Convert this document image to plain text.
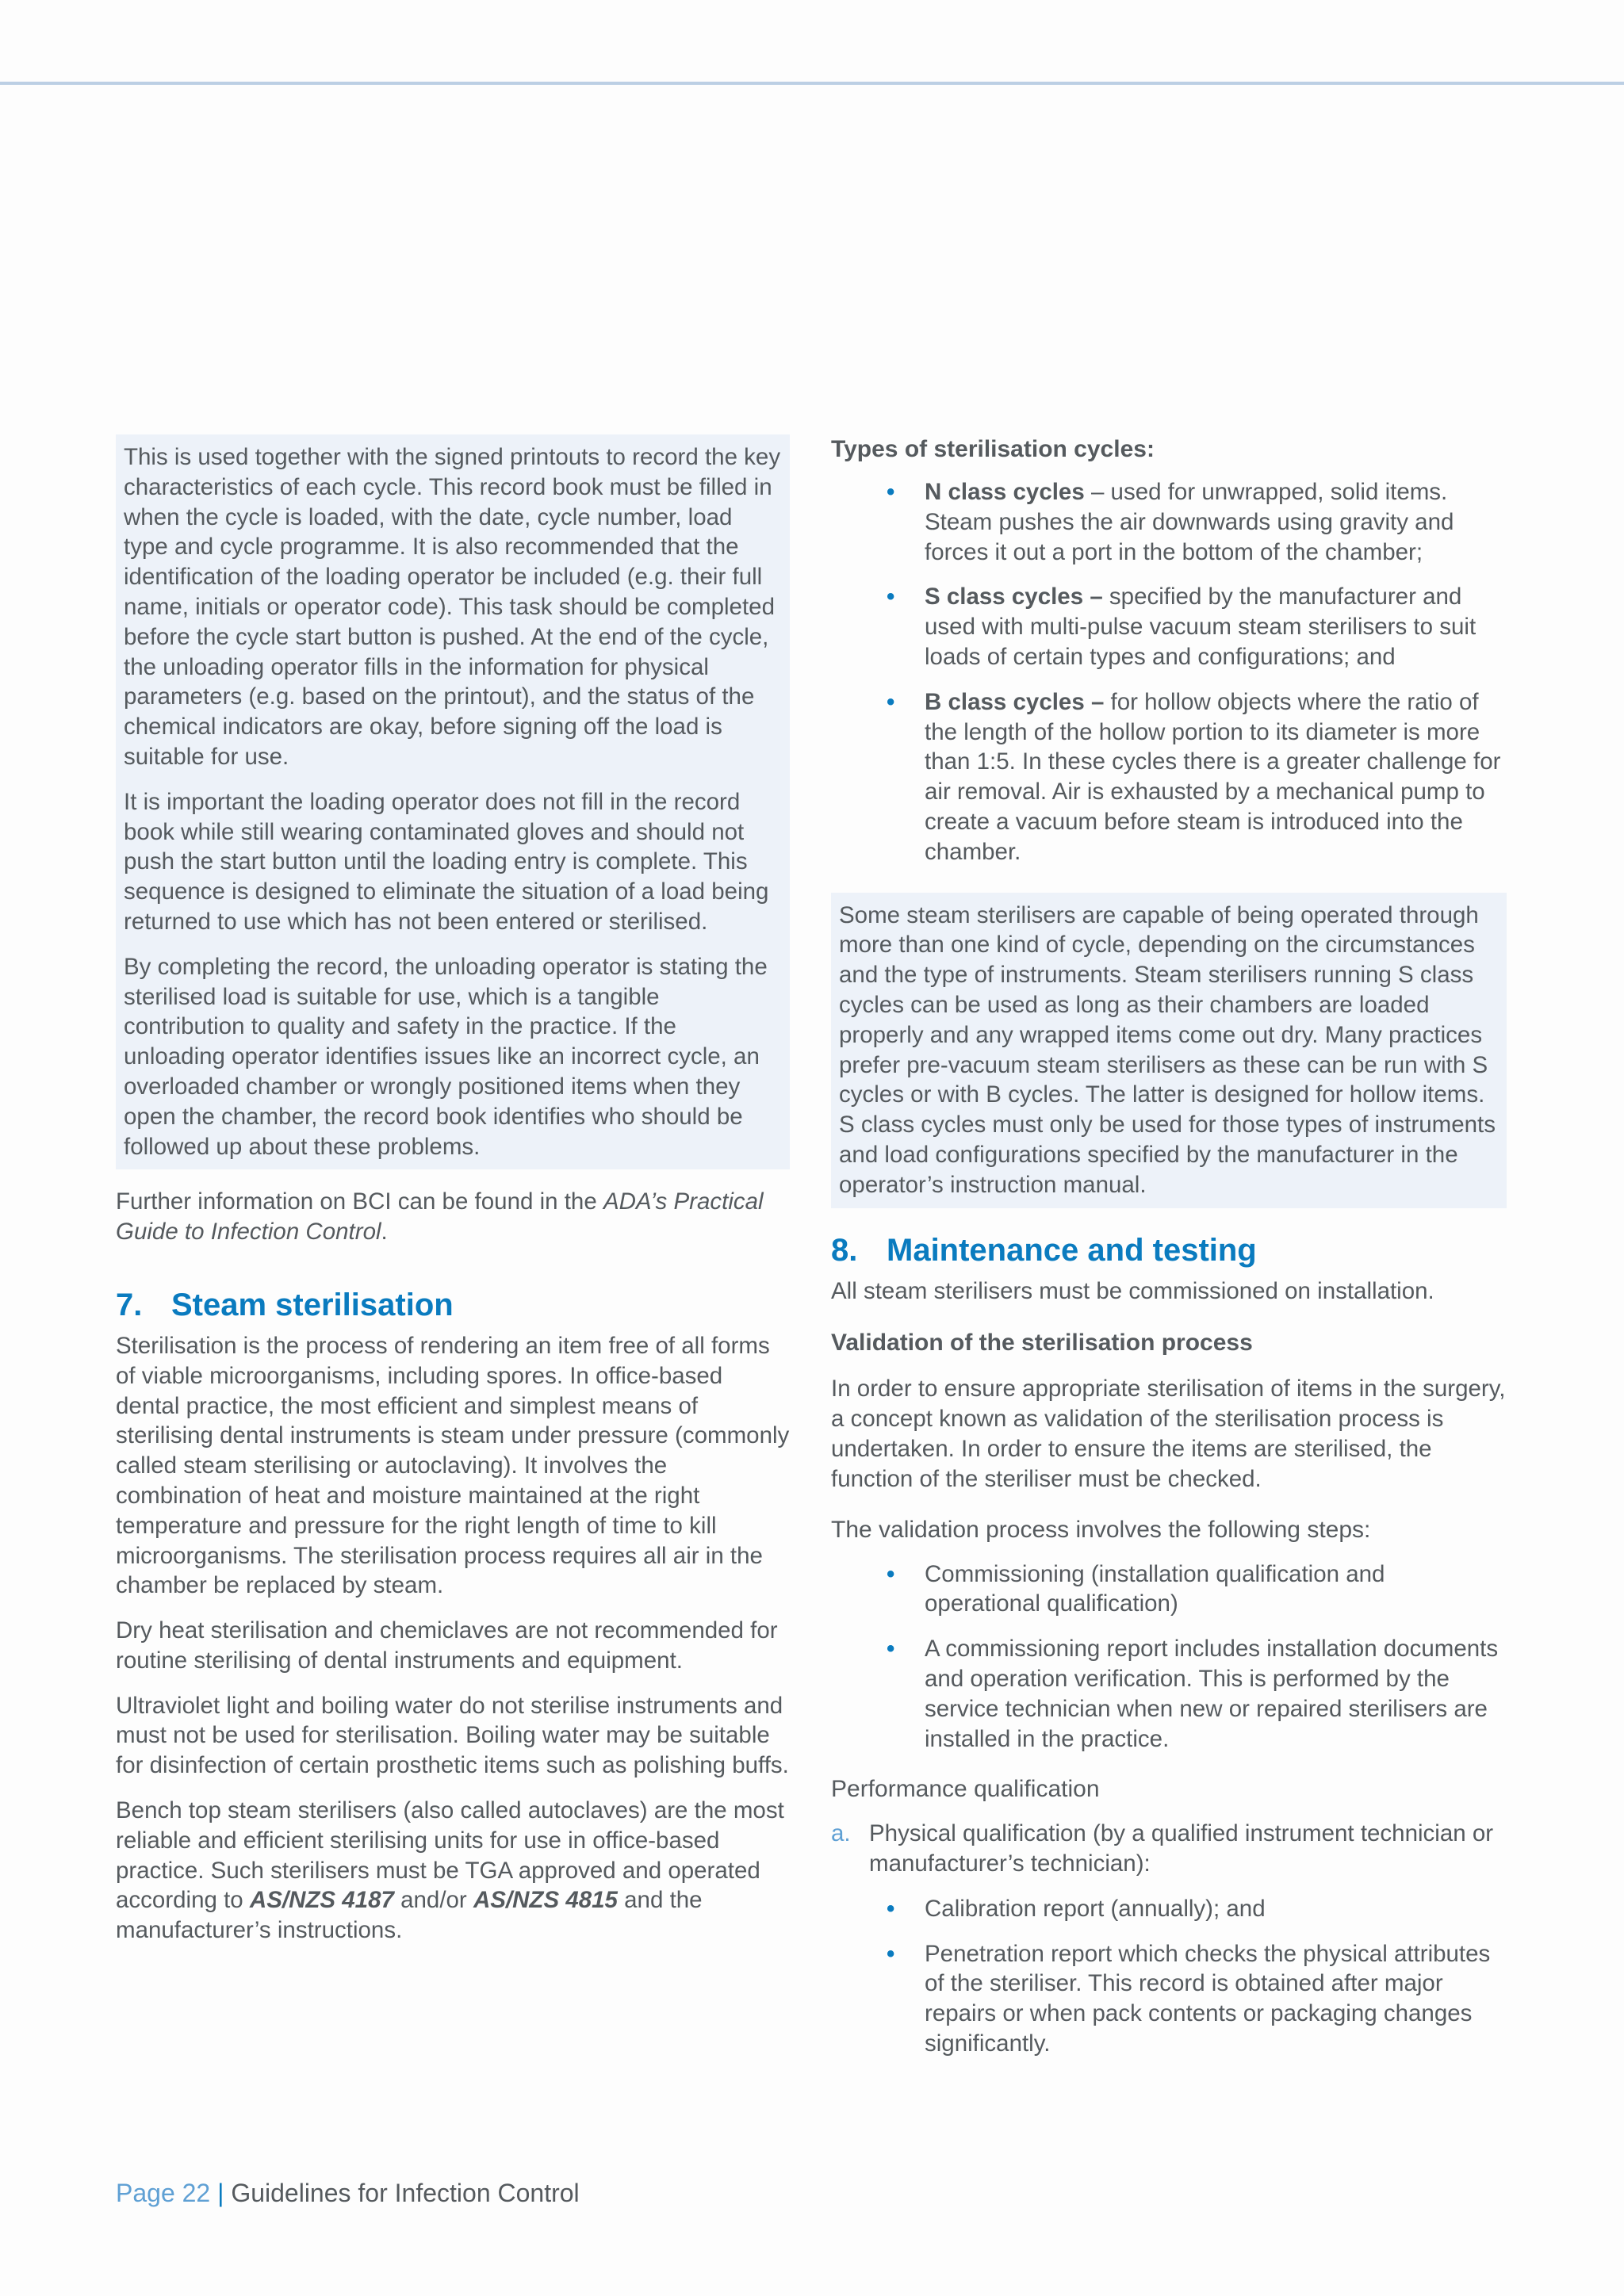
This is used together with the signed printouts to record the key characteristics of each cycle. This record book must be filled in when the cycle is loaded, with the date, cycle number, load type and cycle programme. It is also recommended that the identification of the loading operator be included (e.g. their full name, initials or operator code). This task should be completed before the cycle start button is pushed. At the end of the cycle, the unloading operator fills in the information for physical parameters (e.g. based on the printout), and the status of the chemical indicators are okay, before signing off the load is suitable for use.

It is important the loading operator does not fill in the record book while still wearing contaminated gloves and should not push the start button until the loading entry is complete. This sequence is designed to eliminate the situation of a load being returned to use which has not been entered or sterilised.

By completing the record, the unloading operator is stating the sterilised load is suitable for use, which is a tangible contribution to quality and safety in the practice. If the unloading operator identifies issues like an incorrect cycle, an overloaded chamber or wrongly positioned items when they open the chamber, the record book identifies who should be followed up about these problems.

Further information on BCI can be found in the ADA’s Practical Guide to Infection Control.

7. Steam sterilisation

Sterilisation is the process of rendering an item free of all forms of viable microorganisms, including spores. In office-based dental practice, the most efficient and simplest means of sterilising dental instruments is steam under pressure (commonly called steam sterilising or autoclaving). It involves the combination of heat and moisture maintained at the right temperature and pressure for the right length of time to kill microorganisms. The sterilisation process requires all air in the chamber be replaced by steam.

Dry heat sterilisation and chemiclaves are not recommended for routine sterilising of dental instruments and equipment.

Ultraviolet light and boiling water do not sterilise instruments and must not be used for sterilisation. Boiling water may be suitable for disinfection of certain prosthetic items such as polishing buffs.

Bench top steam sterilisers (also called autoclaves) are the most reliable and efficient sterilising units for use in office-based practice. Such sterilisers must be TGA approved and operated according to AS/NZS 4187 and/or AS/NZS 4815 and the manufacturer’s instructions.

Types of sterilisation cycles:
• N class cycles – used for unwrapped, solid items. Steam pushes the air downwards using gravity and forces it out a port in the bottom of the chamber;
• S class cycles – specified by the manufacturer and used with multi-pulse vacuum steam sterilisers to suit loads of certain types and configurations; and
• B class cycles – for hollow objects where the ratio of the length of the hollow portion to its diameter is more than 1:5. In these cycles there is a greater challenge for air removal. Air is exhausted by a mechanical pump to create a vacuum before steam is introduced into the chamber.

Some steam sterilisers are capable of being operated through more than one kind of cycle, depending on the circumstances and the type of instruments. Steam sterilisers running S class cycles can be used as long as their chambers are loaded properly and any wrapped items come out dry. Many practices prefer pre-vacuum steam sterilisers as these can be run with S cycles or with B cycles. The latter is designed for hollow items. S class cycles must only be used for those types of instruments and load configurations specified by the manufacturer in the operator’s instruction manual.

8. Maintenance and testing

All steam sterilisers must be commissioned on installation.

Validation of the sterilisation process

In order to ensure appropriate sterilisation of items in the surgery, a concept known as validation of the sterilisation process is undertaken. In order to ensure the items are sterilised, the function of the steriliser must be checked.

The validation process involves the following steps:
• Commissioning (installation qualification and operational qualification)
• A commissioning report includes installation documents and operation verification. This is performed by the service technician when new or repaired sterilisers are installed in the practice.
Performance qualification
a. Physical qualification (by a qualified instrument technician or manufacturer’s technician):
• Calibration report (annually); and
• Penetration report which checks the physical attributes of the steriliser. This record is obtained after major repairs or when pack contents or packaging changes significantly.
Page 22 | Guidelines for Infection Control
